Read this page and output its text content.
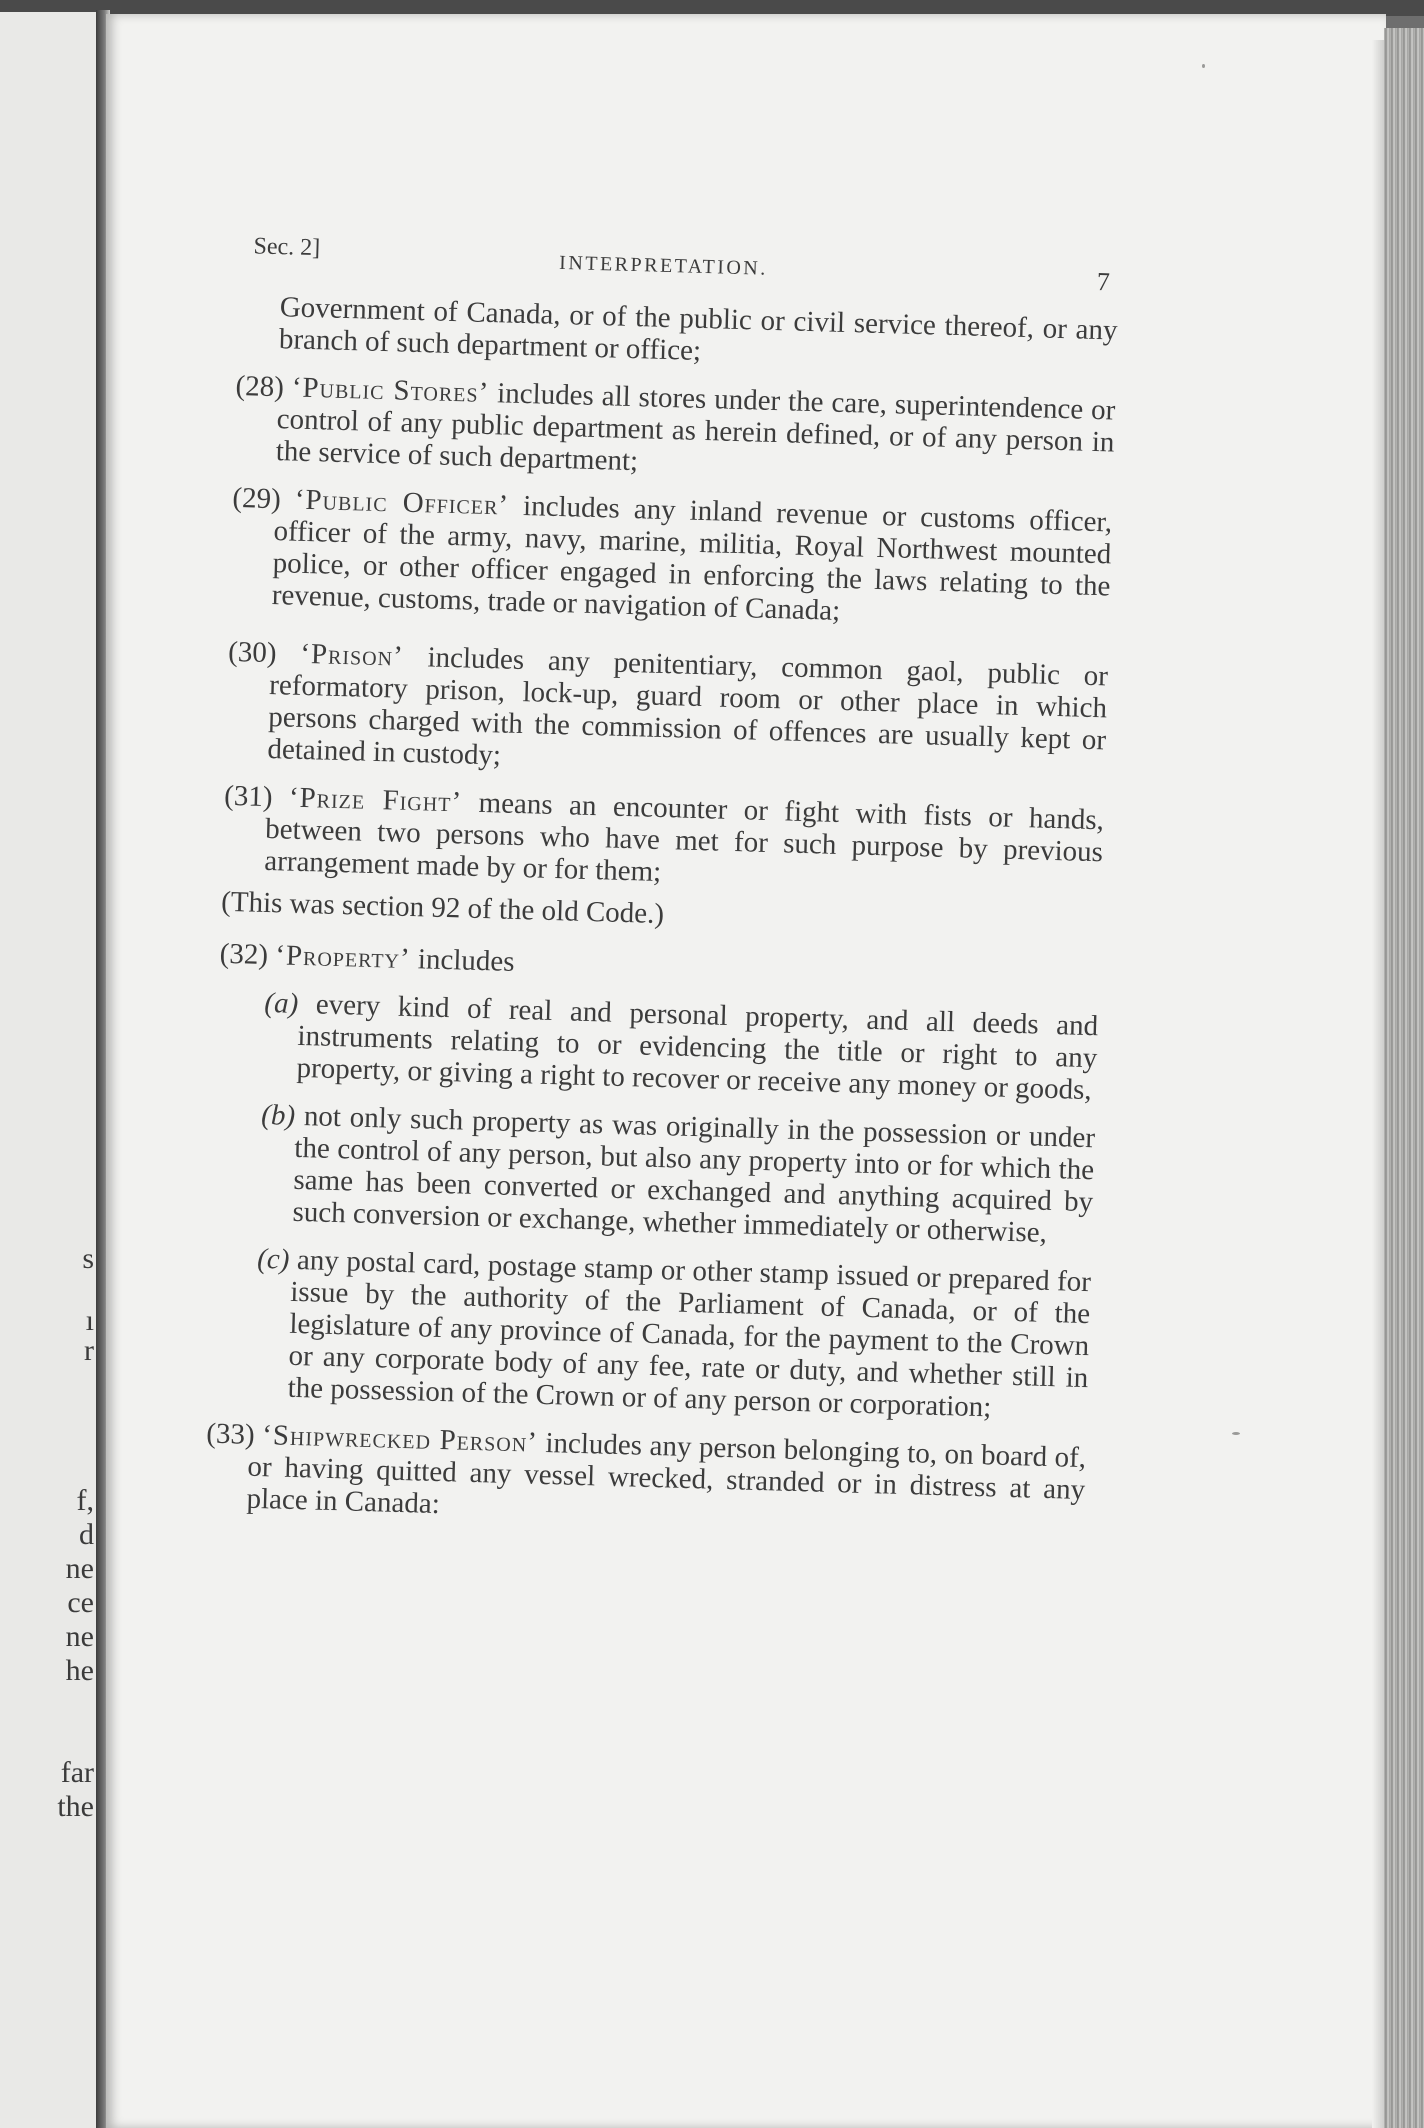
s
ı
r
f,
d
ne
ce
ne
he
far
the
Sec. 2]
INTERPRETATION.
7

Government of Canada, or of the public or civil service thereof, or any branch of such department or office;

(28) ‘Public Stores’ includes all stores under the care, superintendence or control of any public department as herein defined, or of any person in the service of such department;

(29) ‘Public Officer’ includes any inland revenue or customs officer, officer of the army, navy, marine, militia, Royal Northwest mounted police, or other officer engaged in enforcing the laws relating to the revenue, customs, trade or navigation of Canada;

(30) ‘Prison’ includes any penitentiary, common gaol, public or reformatory prison, lock-up, guard room or other place in which persons charged with the commission of offences are usually kept or detained in custody;

(31) ‘Prize Fight’ means an encounter or fight with fists or hands, between two persons who have met for such purpose by previous arrangement made by or for them;

(This was section 92 of the old Code.)

(32) ‘Property’ includes

(a) every kind of real and personal property, and all deeds and instruments relating to or evidencing the title or right to any property, or giving a right to recover or receive any money or goods,

(b) not only such property as was originally in the possession or under the control of any person, but also any property into or for which the same has been converted or exchanged and anything acquired by such conversion or exchange, whether immediately or otherwise,

(c) any postal card, postage stamp or other stamp issued or prepared for issue by the authority of the Parliament of Canada, or of the legislature of any province of Canada, for the payment to the Crown or any corporate body of any fee, rate or duty, and whether still in the possession of the Crown or of any person or corporation;

(33) ‘Shipwrecked Person’ includes any person belonging to, on board of, or having quitted any vessel wrecked, stranded or in distress at any place in Canada:
